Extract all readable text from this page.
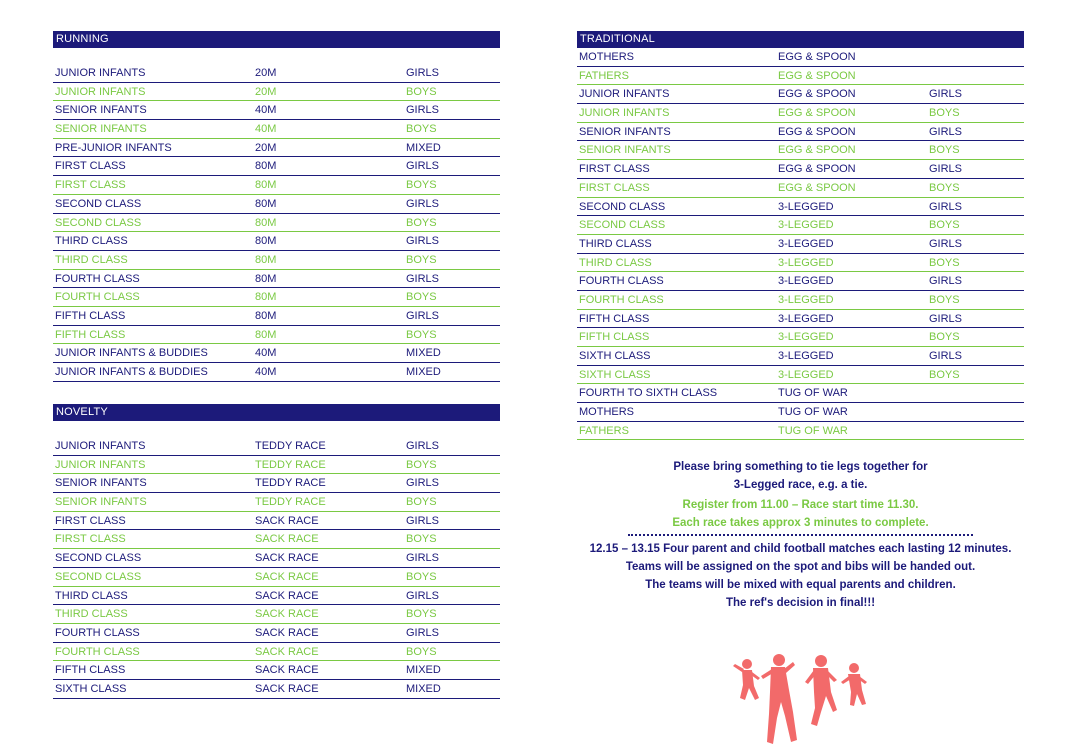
RUNNING
JUNIOR INFANTS	20M	GIRLS
JUNIOR INFANTS	20M	BOYS
SENIOR INFANTS	40M	GIRLS
SENIOR INFANTS	40M	BOYS
PRE-JUNIOR INFANTS	20M	MIXED
FIRST CLASS	80M	GIRLS
FIRST CLASS	80M	BOYS
SECOND CLASS	80M	GIRLS
SECOND CLASS	80M	BOYS
THIRD CLASS	80M	GIRLS
THIRD CLASS	80M	BOYS
FOURTH CLASS	80M	GIRLS
FOURTH CLASS	80M	BOYS
FIFTH CLASS	80M	GIRLS
FIFTH CLASS	80M	BOYS
JUNIOR INFANTS & BUDDIES	40M	MIXED
JUNIOR INFANTS & BUDDIES	40M	MIXED
NOVELTY
JUNIOR INFANTS	TEDDY RACE	GIRLS
JUNIOR INFANTS	TEDDY RACE	BOYS
SENIOR INFANTS	TEDDY RACE	GIRLS
SENIOR INFANTS	TEDDY RACE	BOYS
FIRST CLASS	SACK RACE	GIRLS
FIRST CLASS	SACK RACE	BOYS
SECOND CLASS	SACK RACE	GIRLS
SECOND CLASS	SACK RACE	BOYS
THIRD CLASS	SACK RACE	GIRLS
THIRD CLASS	SACK RACE	BOYS
FOURTH CLASS	SACK RACE	GIRLS
FOURTH CLASS	SACK RACE	BOYS
FIFTH CLASS	SACK RACE	MIXED
SIXTH CLASS	SACK RACE	MIXED
TRADITIONAL
MOTHERS	EGG & SPOON
FATHERS	EGG & SPOON
JUNIOR INFANTS	EGG & SPOON	GIRLS
JUNIOR INFANTS	EGG & SPOON	BOYS
SENIOR INFANTS	EGG & SPOON	GIRLS
SENIOR INFANTS	EGG & SPOON	BOYS
FIRST CLASS	EGG & SPOON	GIRLS
FIRST CLASS	EGG & SPOON	BOYS
SECOND CLASS	3-LEGGED	GIRLS
SECOND CLASS	3-LEGGED	BOYS
THIRD CLASS	3-LEGGED	GIRLS
THIRD CLASS	3-LEGGED	BOYS
FOURTH CLASS	3-LEGGED	GIRLS
FOURTH CLASS	3-LEGGED	BOYS
FIFTH CLASS	3-LEGGED	GIRLS
FIFTH CLASS	3-LEGGED	BOYS
SIXTH CLASS	3-LEGGED	GIRLS
SIXTH CLASS	3-LEGGED	BOYS
FOURTH TO SIXTH CLASS	TUG OF WAR
MOTHERS	TUG OF WAR
FATHERS	TUG OF WAR

Please bring something to tie legs together for

3-Legged race, e.g. a tie.

Register from 11.00 – Race start time 11.30.

Each race takes approx 3 minutes to complete.

12.15 – 13.15 Four parent and child football matches each lasting 12 minutes.

Teams will be assigned on the spot and bibs will be handed out.

The teams will be mixed with equal parents and children.

The ref's decision in final!!!
